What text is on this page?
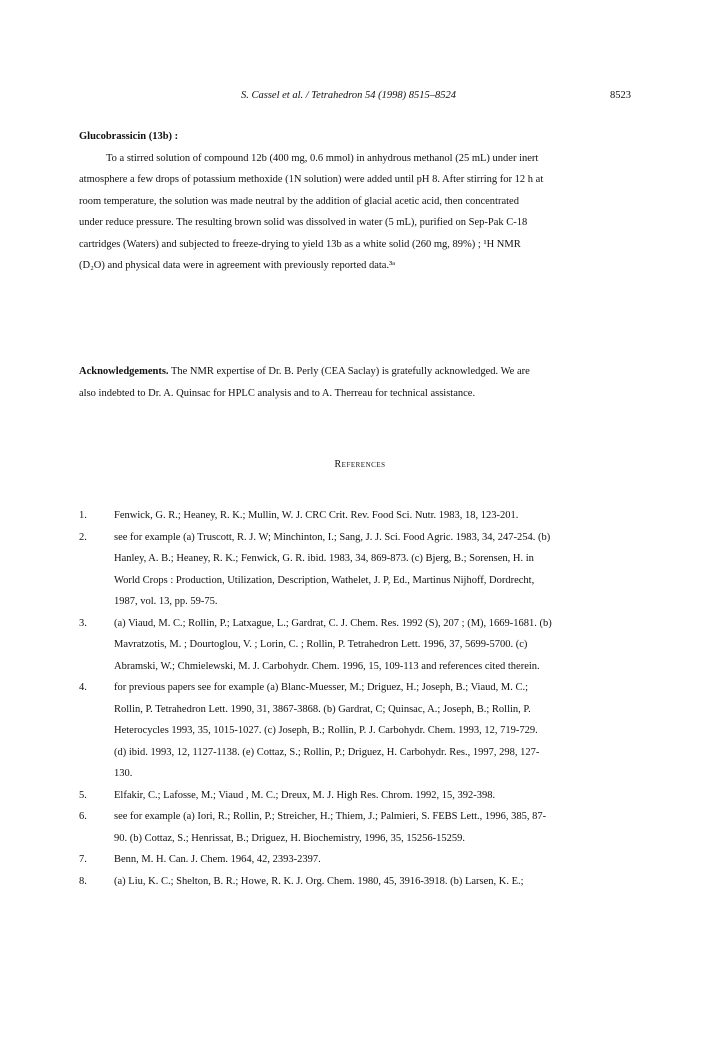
S. Cassel et al. / Tetrahedron 54 (1998) 8515–8524	8523
Glucobrassicin (13b) :
To a stirred solution of compound 12b (400 mg, 0.6 mmol) in anhydrous methanol (25 mL) under inert
atmosphere a few drops of potassium methoxide (1N solution) were added until pH 8. After stirring for 12 h at
room temperature, the solution was made neutral by the addition of glacial acetic acid, then concentrated
under reduce pressure. The resulting brown solid was dissolved in water (5 mL), purified on Sep-Pak C-18
cartridges (Waters) and subjected to freeze-drying to yield 13b as a white solid (260 mg, 89%) ; ¹H NMR
(D₂O) and physical data were in agreement with previously reported data.³ᵃ
Acknowledgements. The NMR expertise of Dr. B. Perly (CEA Saclay) is gratefully acknowledged. We are
also indebted to Dr. A. Quinsac for HPLC analysis and to A. Therreau for technical assistance.
References
1.	Fenwick, G. R.; Heaney, R. K.; Mullin, W. J. CRC Crit. Rev. Food Sci. Nutr. 1983, 18, 123-201.
2.	see for example (a) Truscott, R. J. W; Minchinton, I.; Sang, J. J. Sci. Food Agric. 1983, 34, 247-254. (b)
Hanley, A. B.; Heaney, R. K.; Fenwick, G. R. ibid. 1983, 34, 869-873. (c) Bjerg, B.; Sorensen, H. in
World Crops : Production, Utilization, Description, Wathelet, J. P, Ed., Martinus Nijhoff, Dordrecht,
1987, vol. 13, pp. 59-75.
3.	(a) Viaud, M. C.; Rollin, P.; Latxague, L.; Gardrat, C. J. Chem. Res. 1992 (S), 207 ; (M), 1669-1681. (b)
Mavratzotis, M. ; Dourtoglou, V. ; Lorin, C. ; Rollin, P. Tetrahedron Lett. 1996, 37, 5699-5700. (c)
Abramski, W.; Chmielewski, M. J. Carbohydr. Chem. 1996, 15, 109-113 and references cited therein.
4.	for previous papers see for example (a) Blanc-Muesser, M.; Driguez, H.; Joseph, B.; Viaud, M. C.;
Rollin, P. Tetrahedron Lett. 1990, 31, 3867-3868. (b) Gardrat, C; Quinsac, A.; Joseph, B.; Rollin, P.
Heterocycles 1993, 35, 1015-1027. (c) Joseph, B.; Rollin, P. J. Carbohydr. Chem. 1993, 12, 719-729.
(d) ibid. 1993, 12, 1127-1138. (e) Cottaz, S.; Rollin, P.; Driguez, H. Carbohydr. Res., 1997, 298, 127-
130.
5.	Elfakir, C.; Lafosse, M.; Viaud , M. C.; Dreux, M. J. High Res. Chrom. 1992, 15, 392-398.
6.	see for example (a) Iori, R.; Rollin, P.; Streicher, H.; Thiem, J.; Palmieri, S. FEBS Lett., 1996, 385, 87-
90. (b) Cottaz, S.; Henrissat, B.; Driguez, H. Biochemistry, 1996, 35, 15256-15259.
7.	Benn, M. H. Can. J. Chem. 1964, 42, 2393-2397.
8.	(a) Liu, K. C.; Shelton, B. R.; Howe, R. K. J. Org. Chem. 1980, 45, 3916-3918. (b) Larsen, K. E.;
